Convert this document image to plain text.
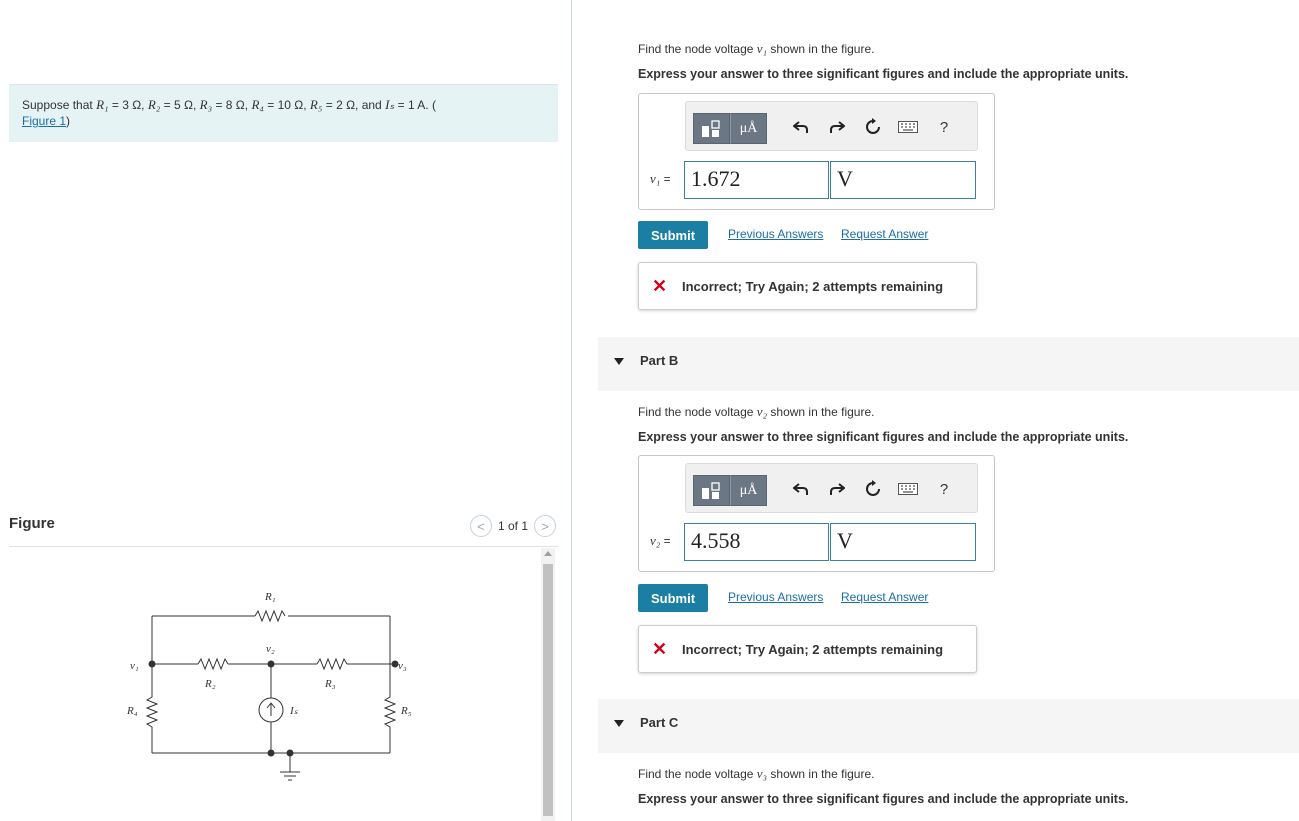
Suppose that R₁ = 3 Ω, R₂ = 5 Ω, R₃ = 8 Ω, R₄ = 10 Ω, R₅ = 2 Ω, and Iₛ = 1 A. (
Figure 1)
Figure	<	1 of 1	>
R₁
v₂
v₁	v₃
R₂	R₃
R₄	R₅
Iₛ
Find the node voltage v₁ shown in the figure.
Express your answer to three significant figures and include the appropriate units.
μÅ	?
v₁ = 1.672	V
Submit	Previous Answers Request Answer
✕ Incorrect; Try Again; 2 attempts remaining
Part B
Find the node voltage v₂ shown in the figure.
Express your answer to three significant figures and include the appropriate units.
μÅ	?
v₂ = 4.558	V
Submit	Previous Answers Request Answer
✕ Incorrect; Try Again; 2 attempts remaining
Part C
Find the node voltage v₃ shown in the figure.
Express your answer to three significant figures and include the appropriate units.
